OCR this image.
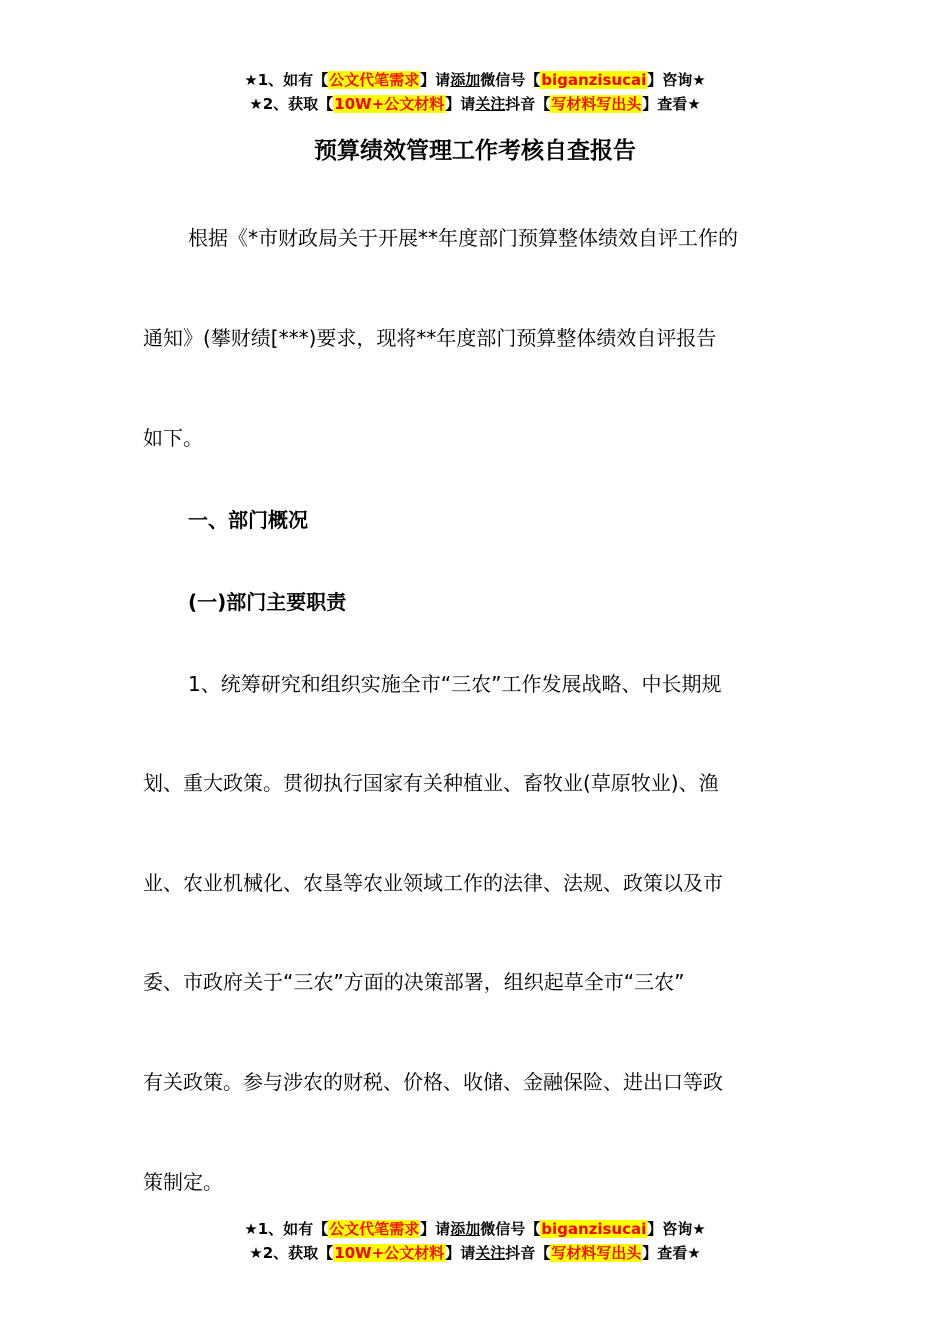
★1、如有【公文代笔需求】请添加微信号【biganzisucai】咨询★
★2、获取【10W+公文材料】请关注抖音【写材料写出头】查看★
预算绩效管理工作考核自查报告
根据《*市财政局关于开展**年度部门预算整体绩效自评工作的
通知》(攀财绩[***)要求，现将**年度部门预算整体绩效自评报告
如下。
一、部门概况
(一)部门主要职责
1、统筹研究和组织实施全市“三农”工作发展战略、中长期规
划、重大政策。贯彻执行国家有关种植业、畜牧业(草原牧业)、渔
业、农业机械化、农垦等农业领域工作的法律、法规、政策以及市
委、市政府关于“三农”方面的决策部署，组织起草全市“三农”
有关政策。参与涉农的财税、价格、收储、金融保险、进出口等政
策制定。
★1、如有【公文代笔需求】请添加微信号【biganzisucai】咨询★
★2、获取【10W+公文材料】请关注抖音【写材料写出头】查看★
